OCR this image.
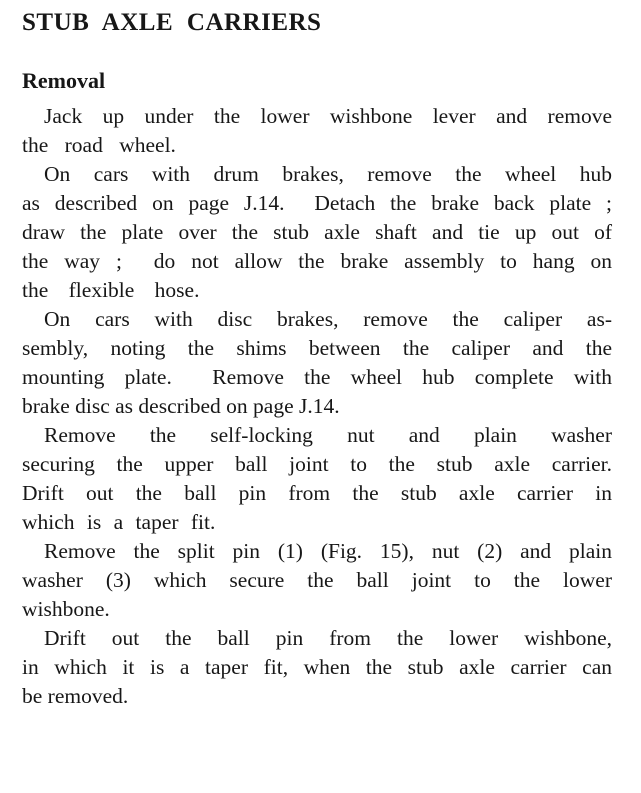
STUB AXLE CARRIERS
Removal
Jack up under the lower wishbone lever and remove
the road wheel.
On cars with drum brakes, remove the wheel hub
as described on page J.14.  Detach the brake back plate ;
draw the plate over the stub axle shaft and tie up out of
the way ;  do not allow the brake assembly to hang on
the flexible hose.
On cars with disc brakes, remove the caliper as-
sembly, noting the shims between the caliper and the
mounting plate.  Remove the wheel hub complete with
brake disc as described on page J.14.
Remove the self-locking nut and plain washer
securing the upper ball joint to the stub axle carrier.
Drift out the ball pin from the stub axle carrier in
which is a taper fit.
Remove the split pin (1) (Fig. 15), nut (2) and plain
washer (3) which secure the ball joint to the lower
wishbone.
Drift out the ball pin from the lower wishbone,
in which it is a taper fit, when the stub axle carrier can
be removed.
